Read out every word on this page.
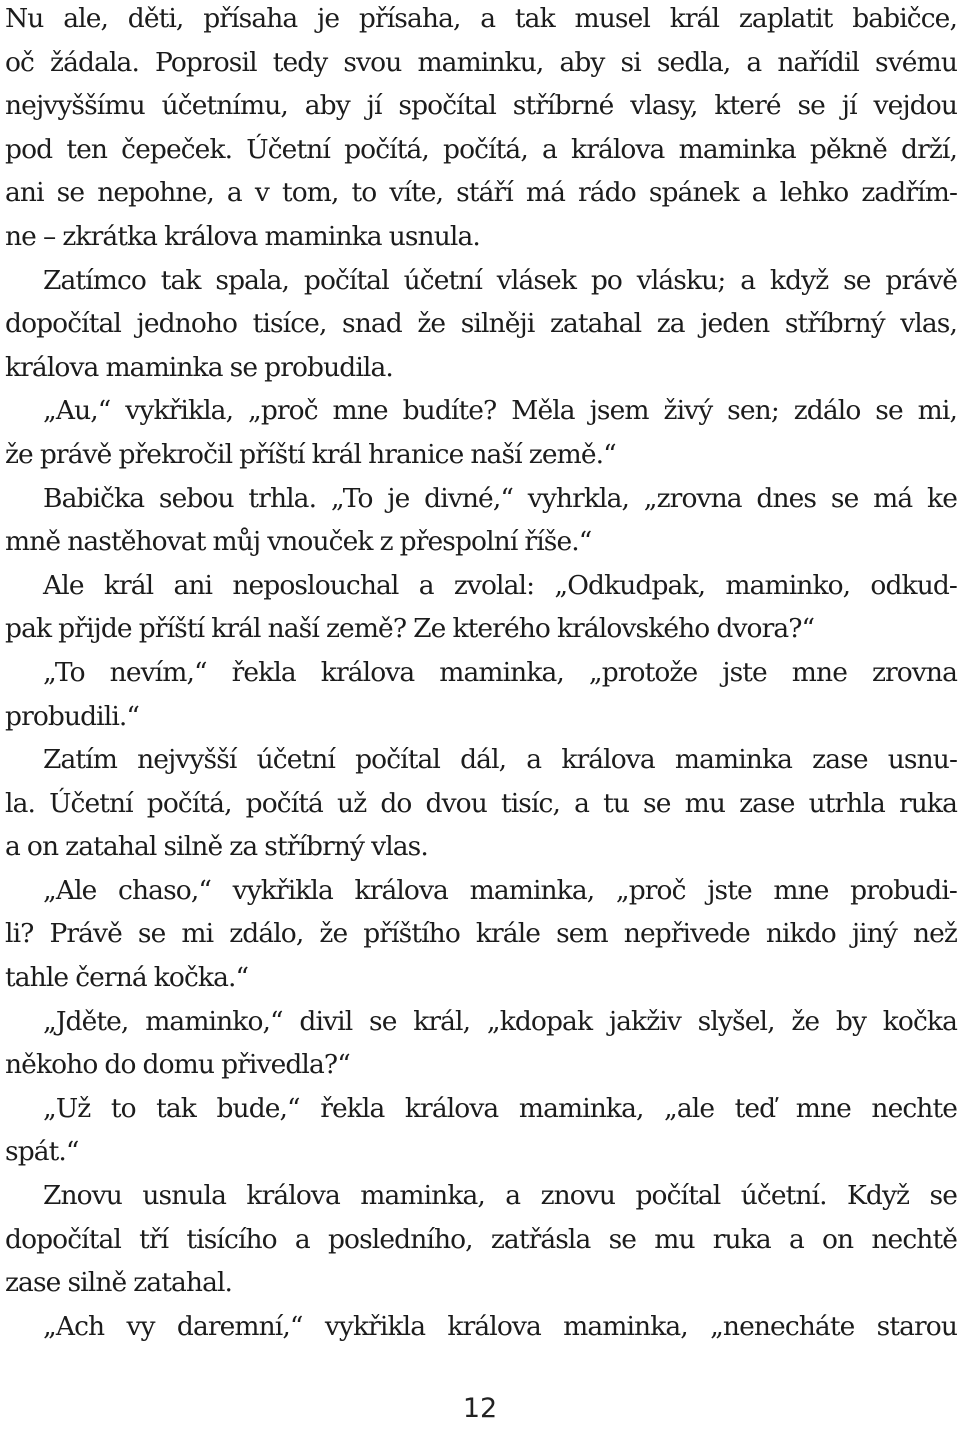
Nu ale, děti, přísaha je přísaha, a tak musel král zaplatit babičce,
oč žádala. Poprosil tedy svou maminku, aby si sedla, a nařídil svému
nejvyššímu účetnímu, aby jí spočítal stříbrné vlasy, které se jí vejdou
pod ten čepeček. Účetní počítá, počítá, a králova maminka pěkně drží,
ani se nepohne, a v tom, to víte, stáří má rádo spánek a lehko zadřím-
ne – zkrátka králova maminka usnula.
Zatímco tak spala, počítal účetní vlásek po vlásku; a když se právě
dopočítal jednoho tisíce, snad že silněji zatahal za jeden stříbrný vlas,
králova maminka se probudila.
„Au,“ vykřikla, „proč mne budíte? Měla jsem živý sen; zdálo se mi,
že právě překročil příští král hranice naší země.“
Babička sebou trhla. „To je divné,“ vyhrkla, „zrovna dnes se má ke
mně nastěhovat můj vnouček z přespolní říše.“
Ale král ani neposlouchal a zvolal: „Odkudpak, maminko, odkud-
pak přijde příští král naší země? Ze kterého královského dvora?“
„To nevím,“ řekla králova maminka, „protože jste mne zrovna
probudili.“
Zatím nejvyšší účetní počítal dál, a králova maminka zase usnu-
la. Účetní počítá, počítá už do dvou tisíc, a tu se mu zase utrhla ruka
a on zatahal silně za stříbrný vlas.
„Ale chaso,“ vykřikla králova maminka, „proč jste mne probudi-
li? Právě se mi zdálo, že příštího krále sem nepřivede nikdo jiný než
tahle černá kočka.“
„Jděte, maminko,“ divil se král, „kdopak jakživ slyšel, že by kočka
někoho do domu přivedla?“
„Už to tak bude,“ řekla králova maminka, „ale teď mne nechte
spát.“
Znovu usnula králova maminka, a znovu počítal účetní. Když se
dopočítal tří tisícího a posledního, zatřásla se mu ruka a on nechtě
zase silně zatahal.
„Ach vy daremní,“ vykřikla králova maminka, „nenecháte starou
12
